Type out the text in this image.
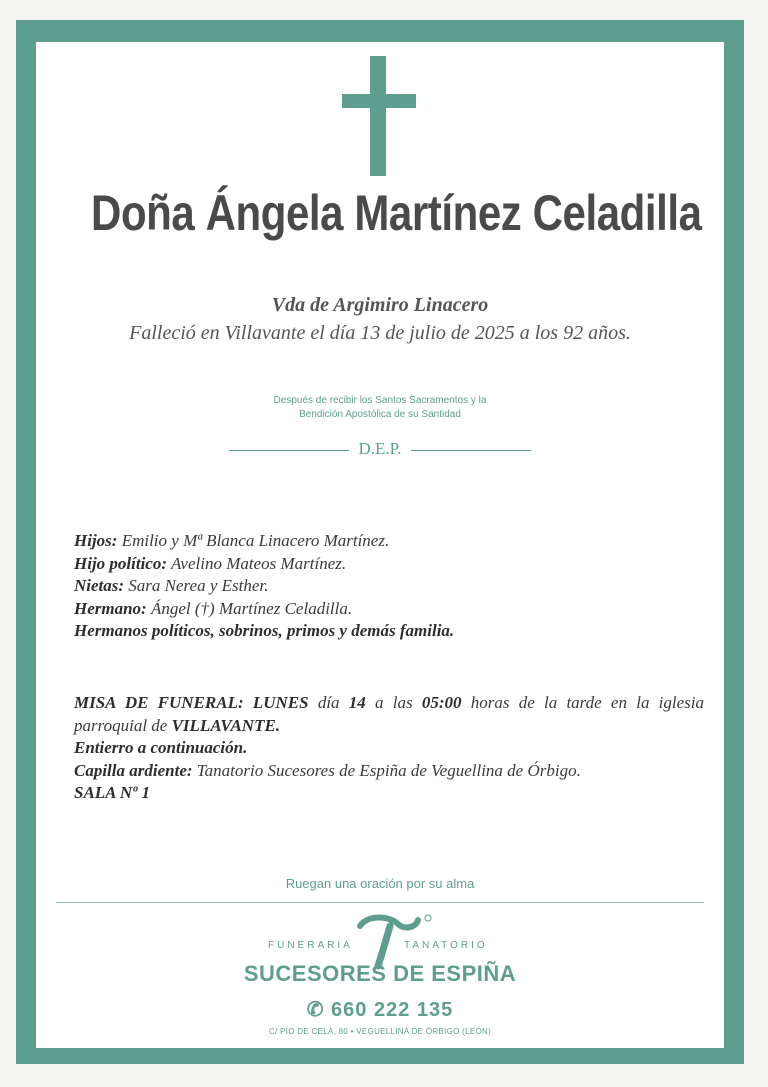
Doña Ángela Martínez Celadilla
Vda de Argimiro Linacero
Falleció en Villavante el día 13 de julio de 2025 a los 92 años.
Después de recibir los Santos Sacramentos y la
Bendición Apostólica de su Santidad
D.E.P.
Hijos: Emilio y Mª Blanca Linacero Martínez.
Hijo político: Avelino Mateos Martínez.
Nietas: Sara Nerea y Esther.
Hermano: Ángel (†) Martínez Celadilla.
Hermanos políticos, sobrinos, primos y demás familia.
MISA DE FUNERAL: LUNES día 14 a las 05:00 horas de la tarde en la iglesia parroquial de VILLAVANTE.
Entierro a continuación.
Capilla ardiente: Tanatorio Sucesores de Espiña de Veguellina de Órbigo.
SALA Nº 1
Ruegan una oración por su alma
FUNERARIA	TANATORIO
SUCESORES DE ESPIÑA
✆ 660 222 135
C/ PÍO DE CELA, 80 • VEGUELLINA DE ÓRBIGO (LEÓN)
